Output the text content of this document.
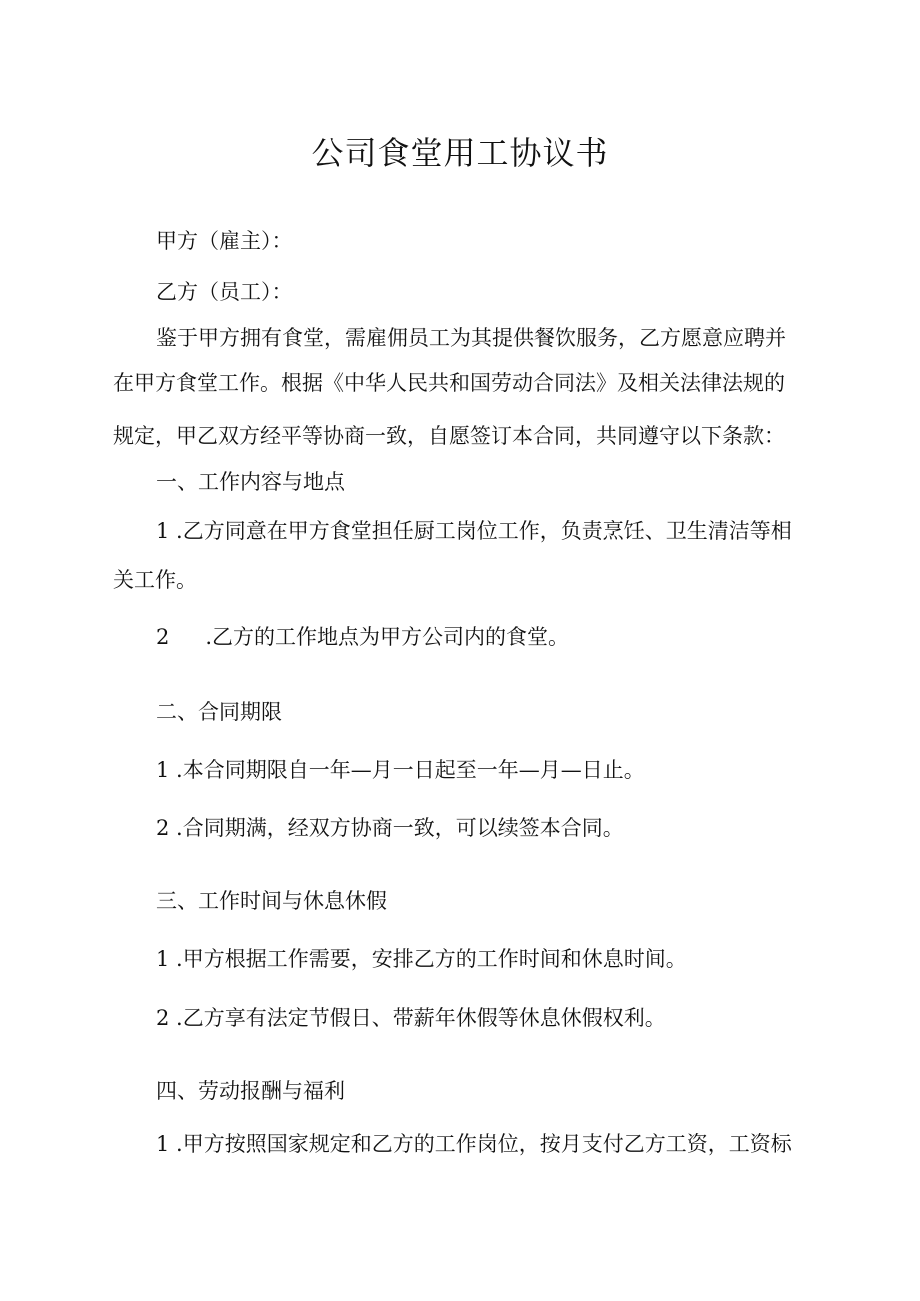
公司食堂用工协议书
甲方（雇主）：
乙方（员工）：
鉴于甲方拥有食堂，需雇佣员工为其提供餐饮服务，乙方愿意应聘并
在甲方食堂工作。根据《中华人民共和国劳动合同法》及相关法律法规的
规定，甲乙双方经平等协商一致，自愿签订本合同，共同遵守以下条款：
一、工作内容与地点
1 .乙方同意在甲方食堂担任厨工岗位工作，负责烹饪、卫生清洁等相
关工作。
2 .乙方的工作地点为甲方公司内的食堂。
二、合同期限
1 .本合同期限自一年—月一日起至一年—月—日止。
2 .合同期满，经双方协商一致，可以续签本合同。
三、工作时间与休息休假
1 .甲方根据工作需要，安排乙方的工作时间和休息时间。
2 .乙方享有法定节假日、带薪年休假等休息休假权利。
四、劳动报酬与福利
1 .甲方按照国家规定和乙方的工作岗位，按月支付乙方工资，工资标
